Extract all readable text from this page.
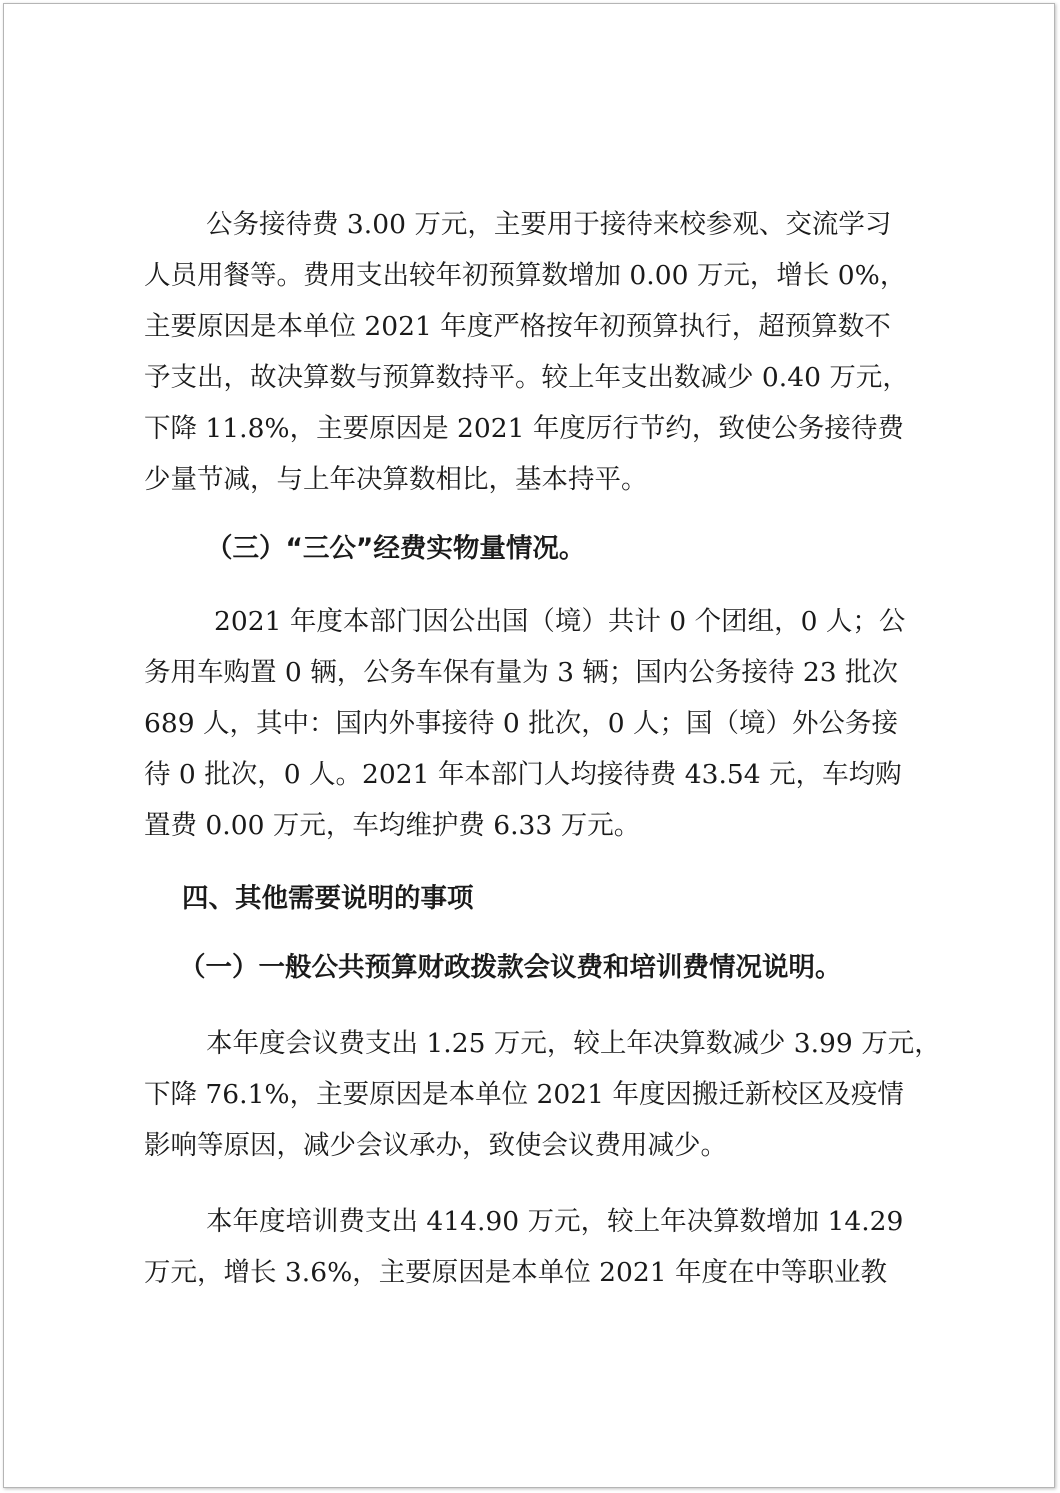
公务接待费 3.00 万元，主要用于接待来校参观、交流学习
人员用餐等。费用支出较年初预算数增加 0.00 万元，增长 0%，
主要原因是本单位 2021 年度严格按年初预算执行，超预算数不
予支出，故决算数与预算数持平。较上年支出数减少 0.40 万元，
下降 11.8%，主要原因是 2021 年度厉行节约，致使公务接待费
少量节减，与上年决算数相比，基本持平。

（三）“三公”经费实物量情况。

2021 年度本部门因公出国（境）共计 0 个团组，0 人；公
务用车购置 0 辆，公务车保有量为 3 辆；国内公务接待 23 批次
689 人，其中：国内外事接待 0 批次，0 人；国（境）外公务接
待 0 批次，0 人。2021 年本部门人均接待费 43.54 元，车均购
置费 0.00 万元，车均维护费 6.33 万元。

四、其他需要说明的事项
（一）一般公共预算财政拨款会议费和培训费情况说明。

本年度会议费支出 1.25 万元，较上年决算数减少 3.99 万元，
下降 76.1%，主要原因是本单位 2021 年度因搬迁新校区及疫情
影响等原因，减少会议承办，致使会议费用减少。

本年度培训费支出 414.90 万元，较上年决算数增加 14.29
万元，增长 3.6%，主要原因是本单位 2021 年度在中等职业教
